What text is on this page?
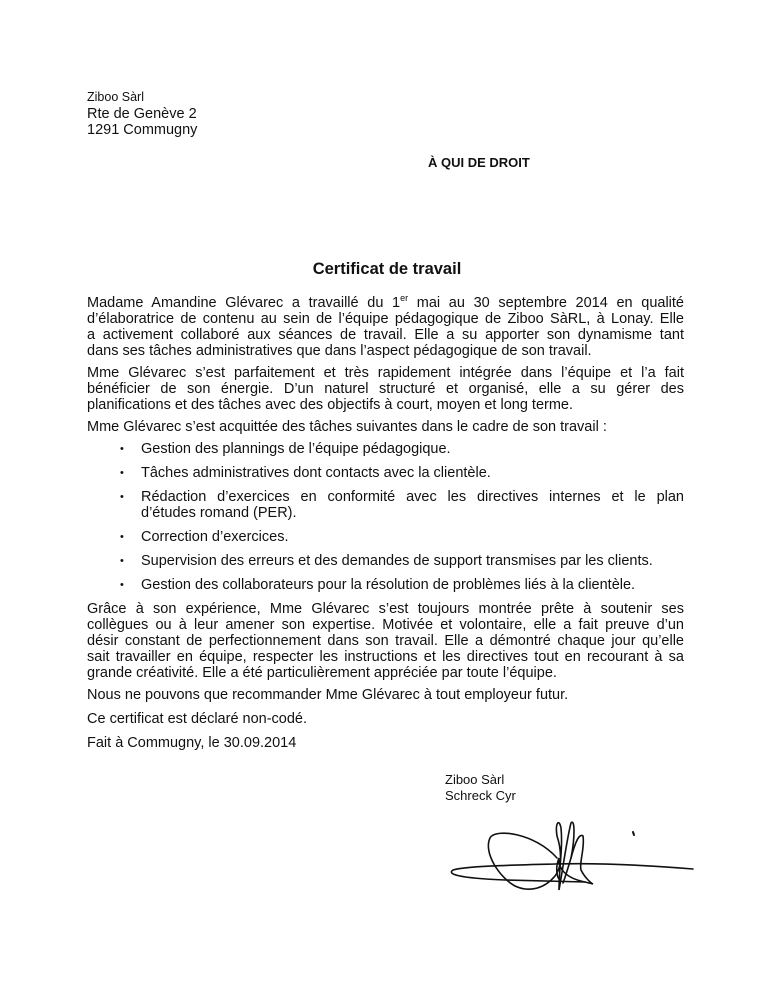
Ziboo Sàrl
Rte de Genève 2
1291 Commugny
À QUI DE DROIT
Certificat de travail
Madame Amandine Glévarec a travaillé du 1er mai au 30 septembre 2014 en qualité
d’élaboratrice de contenu au sein de l’équipe pédagogique de Ziboo SàRL, à Lonay. Elle
a activement collaboré aux séances de travail. Elle a su apporter son dynamisme tant
dans ses tâches administratives que dans l’aspect pédagogique de son travail.
Mme Glévarec s’est parfaitement et très rapidement intégrée dans l’équipe et l’a fait
bénéficier de son énergie. D’un naturel structuré et organisé, elle a su gérer des
planifications et des tâches avec des objectifs à court, moyen et long terme.
Mme Glévarec s’est acquittée des tâches suivantes dans le cadre de son travail :
• Gestion des plannings de l’équipe pédagogique.
• Tâches administratives dont contacts avec la clientèle.
• Rédaction d’exercices en conformité avec les directives internes et le plan
d’études romand (PER).
• Correction d’exercices.
• Supervision des erreurs et des demandes de support transmises par les clients.
• Gestion des collaborateurs pour la résolution de problèmes liés à la clientèle.
Grâce à son expérience, Mme Glévarec s’est toujours montrée prête à soutenir ses
collègues ou à leur amener son expertise. Motivée et volontaire, elle a fait preuve d’un
désir constant de perfectionnement dans son travail. Elle a démontré chaque jour qu’elle
sait travailler en équipe, respecter les instructions et les directives tout en recourant à sa
grande créativité. Elle a été particulièrement appréciée par toute l’équipe.
Nous ne pouvons que recommander Mme Glévarec à tout employeur futur.
Ce certificat est déclaré non-codé.
Fait à Commugny, le 30.09.2014
Ziboo Sàrl
Schreck Cyr
